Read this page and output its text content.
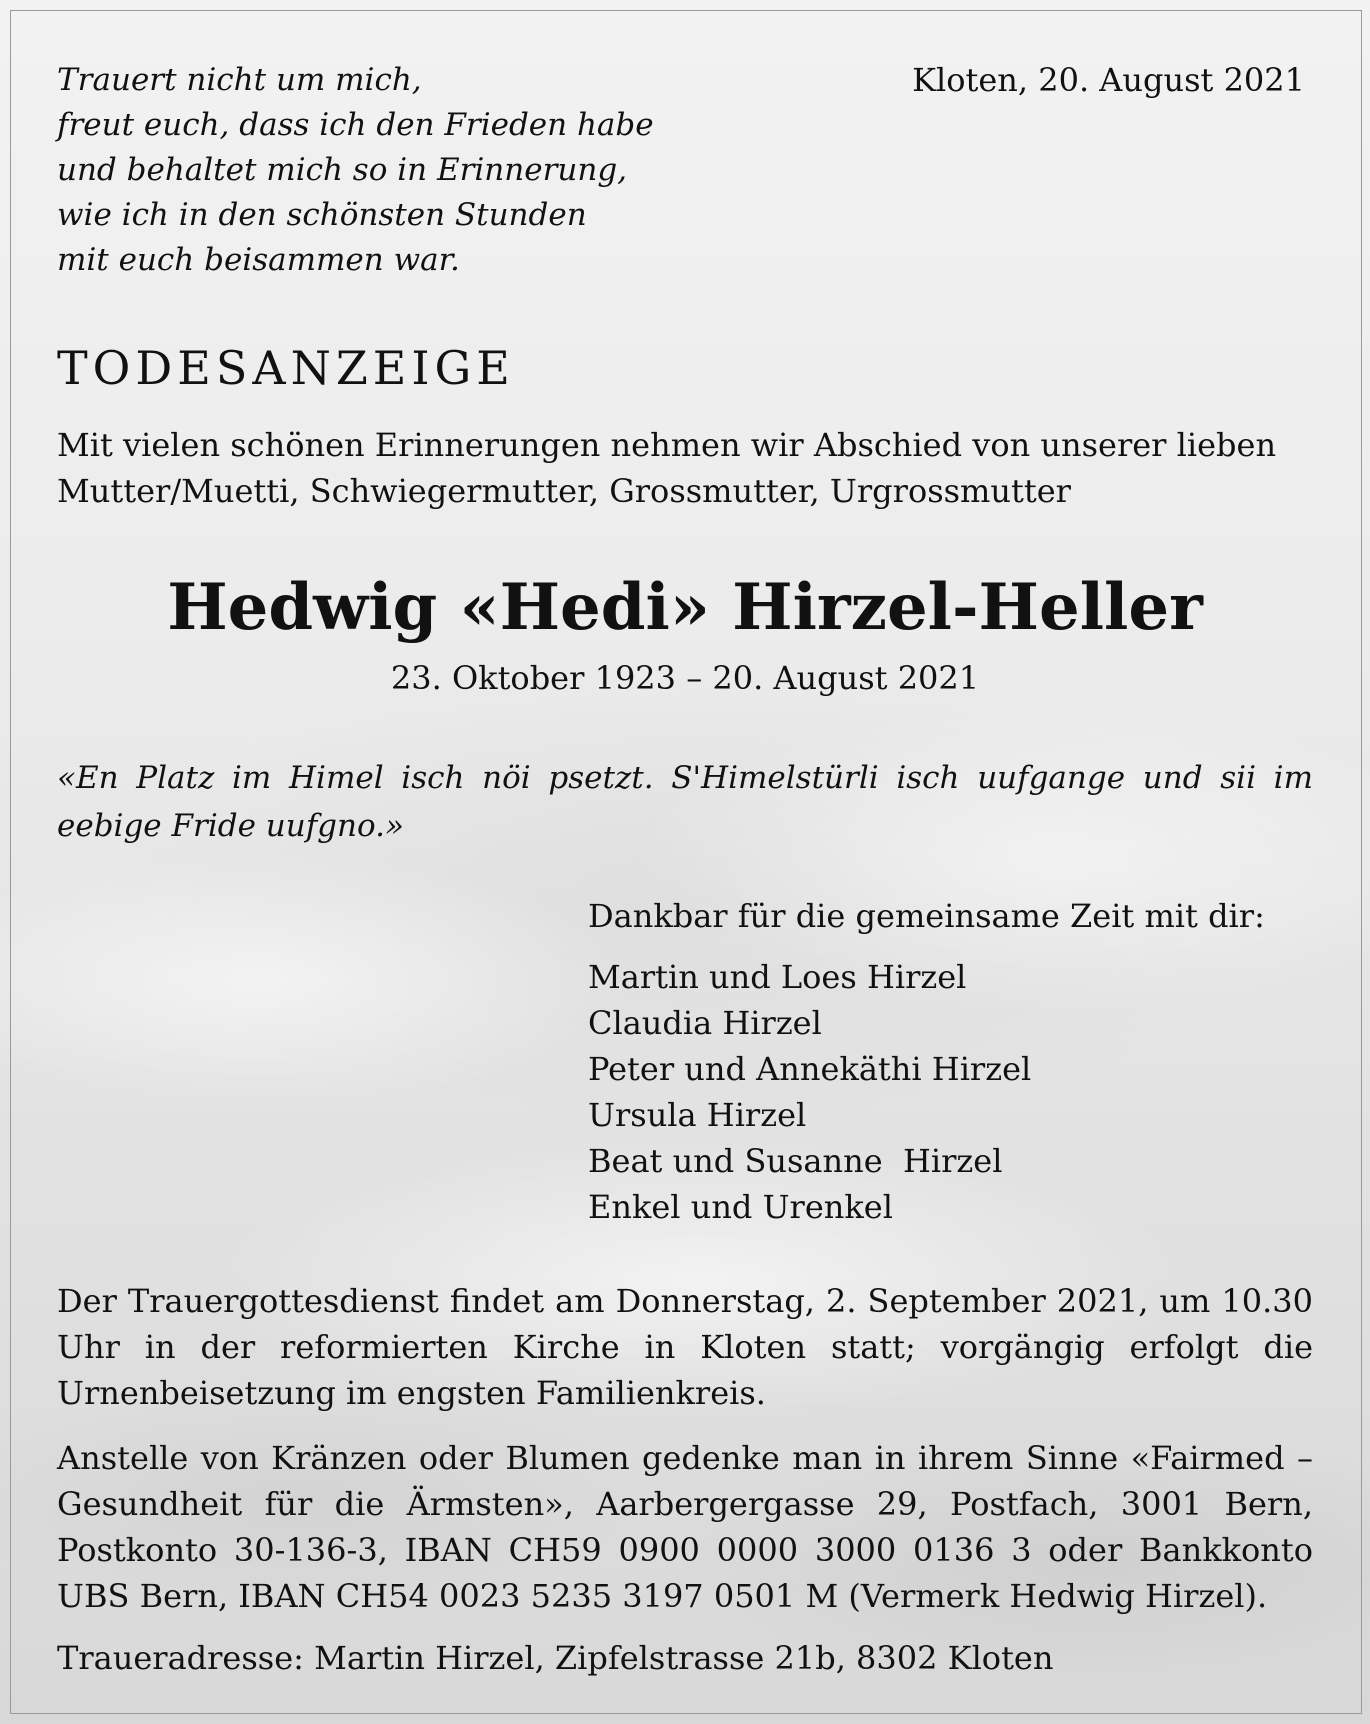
Trauert nicht um mich,
freut euch, dass ich den Frieden habe
und behaltet mich so in Erinnerung,
wie ich in den schönsten Stunden
mit euch beisammen war.
Kloten, 20. August 2021
TODESANZEIGE
Mit vielen schönen Erinnerungen nehmen wir Abschied von unserer lieben
Mutter/Muetti, Schwiegermutter, Grossmutter, Urgrossmutter
Hedwig «Hedi» Hirzel-Heller
23. Oktober 1923 – 20. August 2021
«En Platz im Himel isch nöi psetzt. S'Himelstürli isch uufgange und sii im eebige Fride uufgno.»
Dankbar für die gemeinsame Zeit mit dir:
Martin und Loes Hirzel
Claudia Hirzel
Peter und Annekäthi Hirzel
Ursula Hirzel
Beat und Susanne  Hirzel
Enkel und Urenkel
Der Trauergottesdienst findet am Donnerstag, 2. September 2021, um 10.30 Uhr in der reformierten Kirche in Kloten statt; vorgängig erfolgt die Urnenbeisetzung im engsten Familienkreis.
Anstelle von Kränzen oder Blumen gedenke man in ihrem Sinne «Fairmed – Gesundheit für die Ärmsten», Aarbergergasse 29, Postfach, 3001 Bern, Postkonto 30-136-3, IBAN CH59 0900 0000 3000 0136 3 oder Bankkonto UBS Bern, IBAN CH54 0023 5235 3197 0501 M (Vermerk Hedwig Hirzel).
Traueradresse: Martin Hirzel, Zipfelstrasse 21b, 8302 Kloten
